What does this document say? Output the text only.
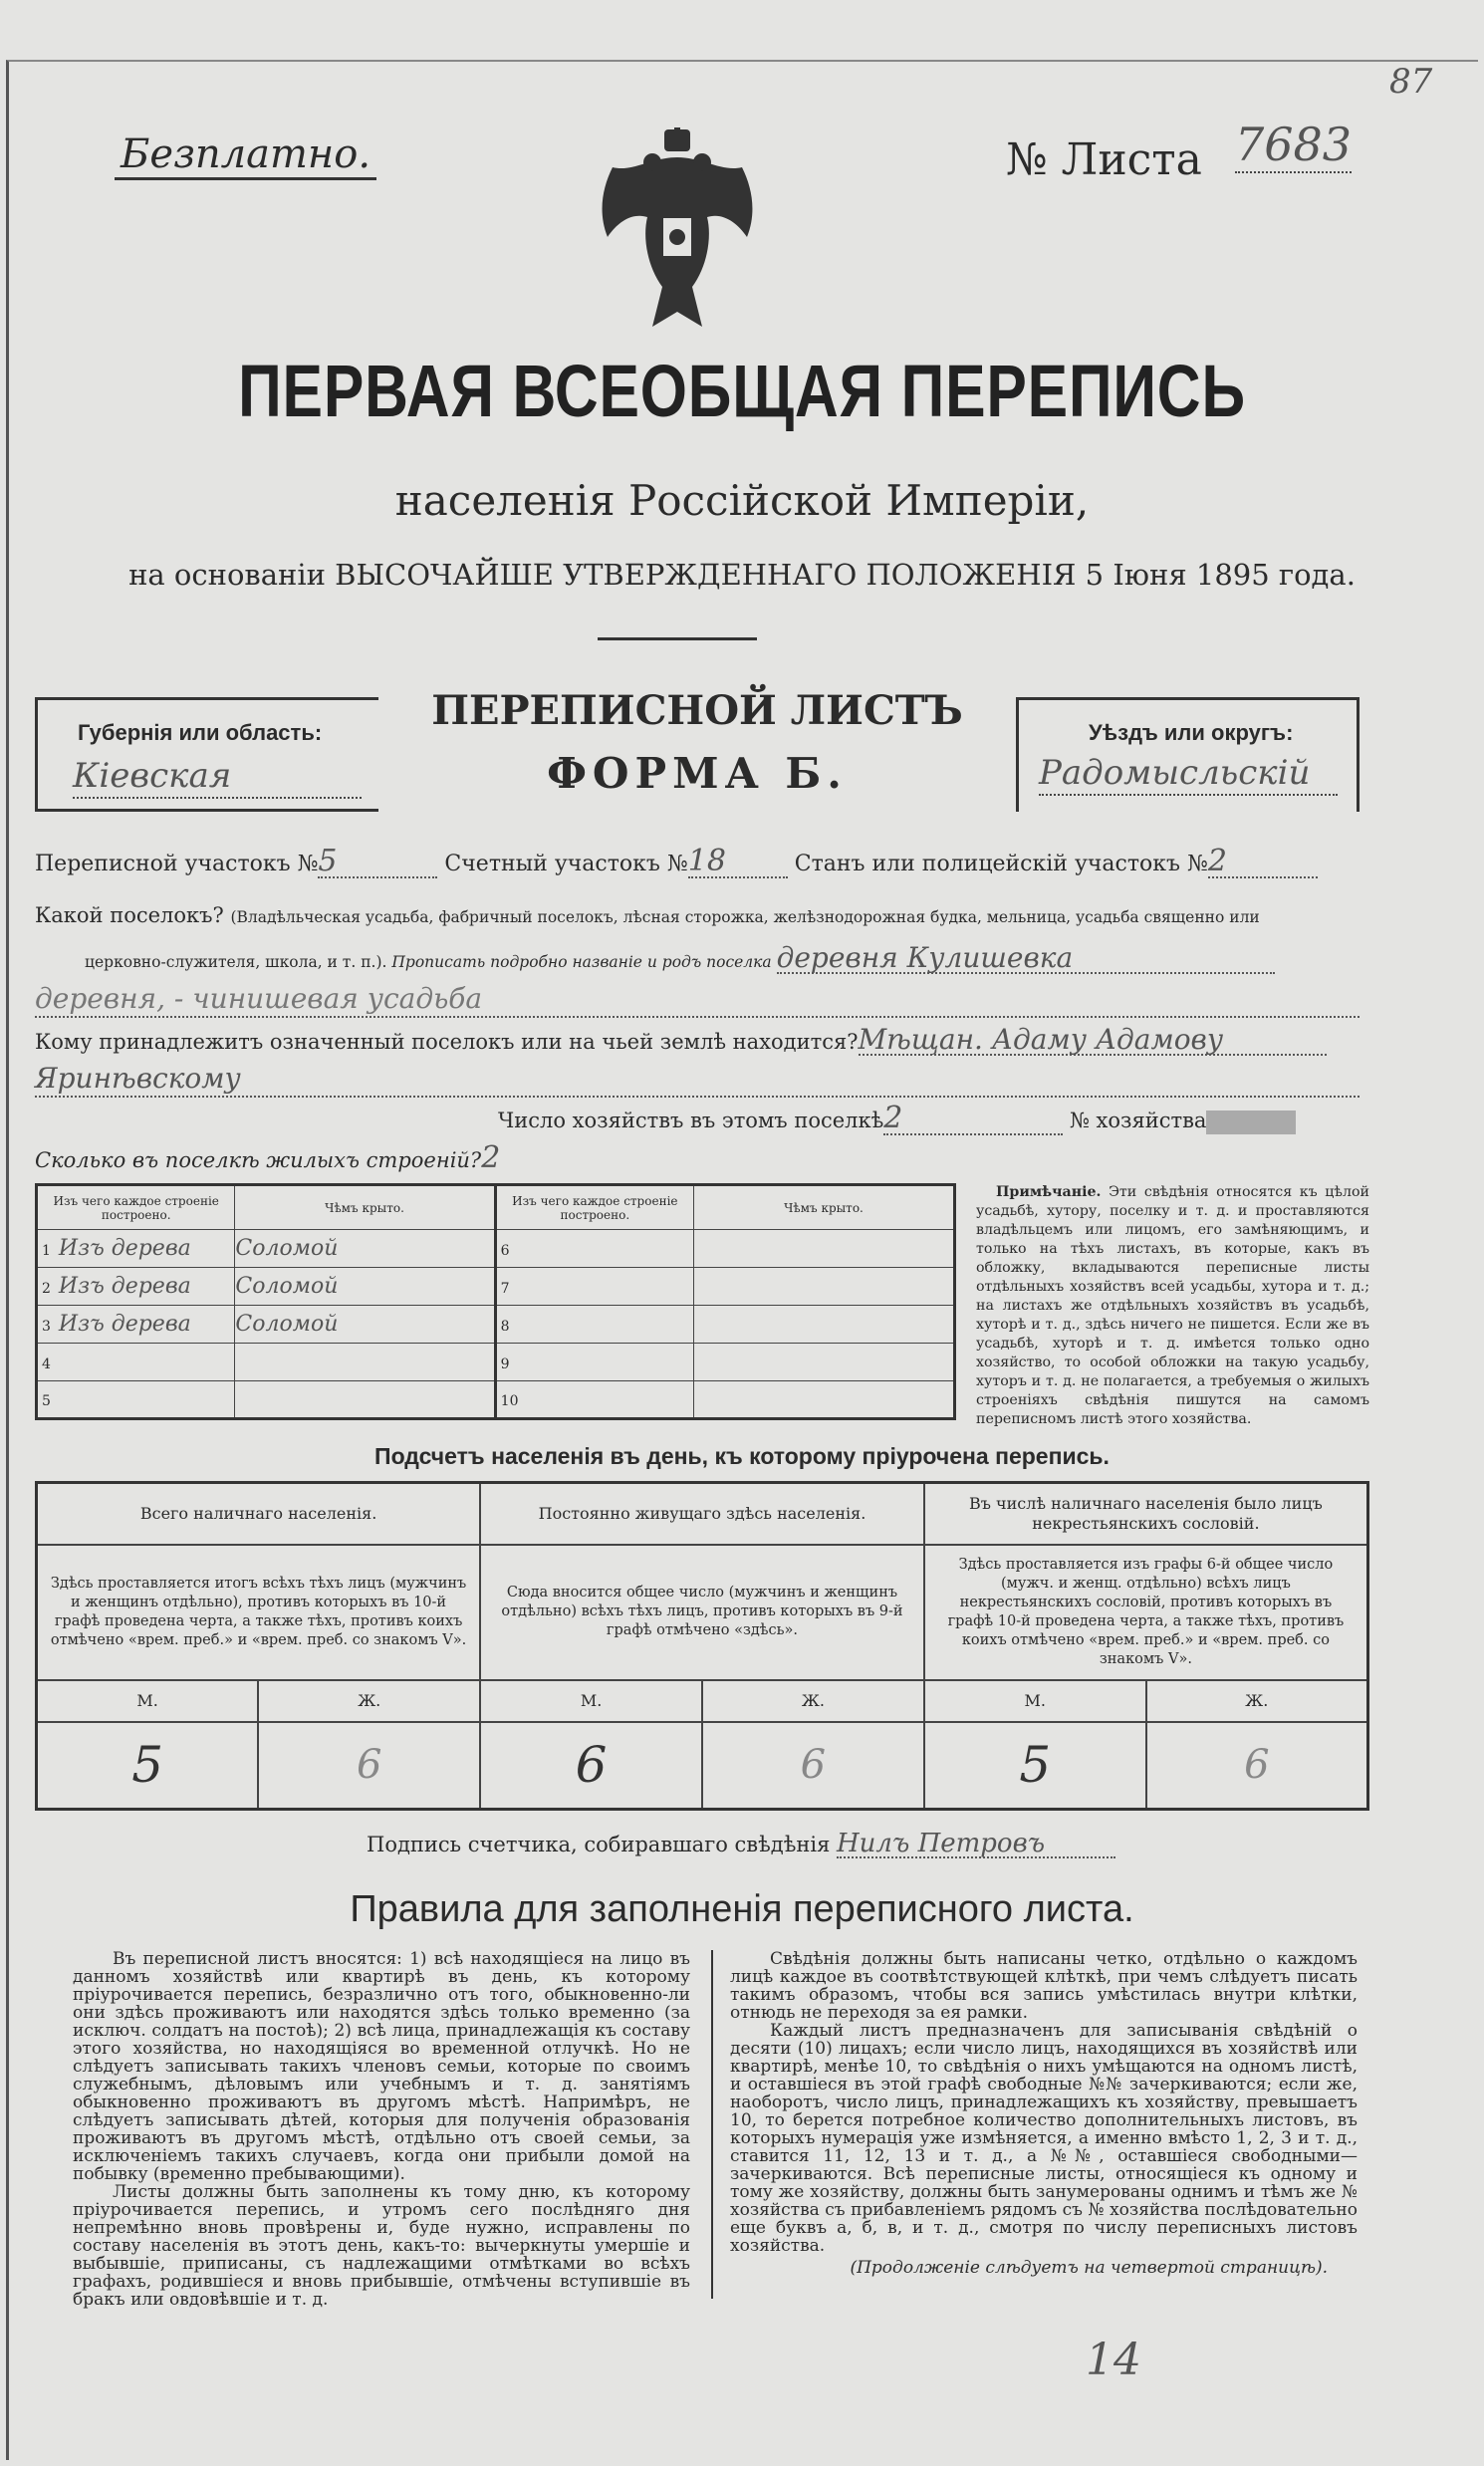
Безплатно.	№ Листа 7683
87
ПЕРВАЯ ВСЕОБЩАЯ ПЕРЕПИСЬ
населенія Россійской Имперіи,
на основаніи ВЫСОЧАЙШЕ УТВЕРЖДЕННАГО ПОЛОЖЕНІЯ 5 Іюня 1895 года.
Губернія или область:
Кіевская
ПЕРЕПИСНОЙ ЛИСТЪ
ФОРМА Б.
Уѣздъ или округъ:
Радомысльскій
Переписной участокъ №5	Счетный участокъ №18	Станъ или полицейскій участокъ №2
Какой поселокъ? (Владѣльческая усадьба, фабричный поселокъ, лѣсная сторожка, желѣзнодорожная будка, мельница, усадьба священно или
церковно-служителя, школа, и т. п.). Прописать подробно названіе и родъ поселка деревня Кулишевка
деревня, - чинишевая усадьба
Кому принадлежитъ означенный поселокъ или на чьей землѣ находится?Мѣщан. Адаму Адамову
Яринѣвскому
Число хозяйствъ въ этомъ поселкѣ2	№ хозяйства
Сколько въ поселкѣ жилыхъ строеній?2
Изъ чего каждое строеніе построено.	Чѣмъ крыто.	Изъ чего каждое строеніе построено.	Чѣмъ крыто.
1 Изъ дерева	Соломой	6	
2 Изъ дерева	Соломой	7	
3 Изъ дерева	Соломой	8	
4		9	
5		10	
Примѣчаніе. Эти свѣдѣнія относятся къ цѣлой усадьбѣ, хутору, поселку и т. д. и проставляются владѣльцемъ или лицомъ, его замѣняющимъ, и только на тѣхъ листахъ, въ которые, какъ въ обложку, вкладываются переписные листы отдѣльныхъ хозяйствъ всей усадьбы, хутора и т. д.; на листахъ же отдѣльныхъ хозяйствъ въ усадьбѣ, хуторѣ и т. д., здѣсь ничего не пишется. Если же въ усадьбѣ, хуторѣ и т. д. имѣется только одно хозяйство, то особой обложки на такую усадьбу, хуторъ и т. д. не полагается, а требуемыя о жилыхъ строеніяхъ свѣдѣнія пишутся на самомъ переписномъ листѣ этого хозяйства.
Подсчетъ населенія въ день, къ которому пріурочена перепись.
Всего наличнаго населенія.		Постоянно живущаго здѣсь населенія.		Въ числѣ наличнаго населенія было лицъ некрестьянскихъ сословій.	
Здѣсь проставляется итогъ всѣхъ тѣхъ лицъ (мужчинъ и женщинъ отдѣльно), противъ которыхъ въ 10-й графѣ проведена черта, а также тѣхъ, противъ коихъ отмѣчено «врем. преб.» и «врем. преб. со знакомъ V».		Сюда вносится общее число (мужчинъ и женщинъ отдѣльно) всѣхъ тѣхъ лицъ, противъ которыхъ въ 9-й графѣ отмѣчено «здѣсь».		Здѣсь проставляется изъ графы 6-й общее число (мужч. и женщ. отдѣльно) всѣхъ лицъ некрестьянскихъ сословій, противъ которыхъ въ графѣ 10-й проведена черта, а также тѣхъ, противъ коихъ отмѣчено «врем. преб.» и «врем. преб. со знакомъ V».	
М.	Ж.	М.	Ж.	М.	Ж.
5	6	6	6	5	6
Подпись счетчика, собиравшаго свѣдѣнія Нилъ Петровъ
Правила для заполненія переписного листа.

Въ переписной листъ вносятся: 1) всѣ находящіеся на лицо въ данномъ хозяйствѣ или квартирѣ въ день, къ которому пріурочивается перепись, безразлично отъ того, обыкновенно-ли они здѣсь проживаютъ или находятся здѣсь только временно (за исключ. солдатъ на постоѣ); 2) всѣ лица, принадлежащія къ составу этого хозяйства, но находящіяся во временной отлучкѣ. Но не слѣдуетъ записывать такихъ членовъ семьи, которые по своимъ служебнымъ, дѣловымъ или учебнымъ и т. д. занятіямъ обыкновенно проживаютъ въ другомъ мѣстѣ. Напримѣръ, не слѣдуетъ записывать дѣтей, которыя для полученія образованія проживаютъ въ другомъ мѣстѣ, отдѣльно отъ своей семьи, за исключеніемъ такихъ случаевъ, когда они прибыли домой на побывку (временно пребывающими).

Листы должны быть заполнены къ тому дню, къ которому пріурочивается перепись, и утромъ сего послѣдняго дня непремѣнно вновь провѣрены и, буде нужно, исправлены по составу населенія въ этотъ день, какъ-то: вычеркнуты умершіе и выбывшіе, приписаны, съ надлежащими отмѣтками во всѣхъ графахъ, родившіеся и вновь прибывшіе, отмѣчены вступившіе въ бракъ или овдовѣвшіе и т. д.

Свѣдѣнія должны быть написаны четко, отдѣльно о каждомъ лицѣ каждое въ соотвѣтствующей клѣткѣ, при чемъ слѣдуетъ писать такимъ образомъ, чтобы вся запись умѣстилась внутри клѣтки, отнюдь не переходя за ея рамки.

Каждый листъ предназначенъ для записыванія свѣдѣній о десяти (10) лицахъ; если число лицъ, находящихся въ хозяйствѣ или квартирѣ, менѣе 10, то свѣдѣнія о нихъ умѣщаются на одномъ листѣ, и оставшіеся въ этой графѣ свободные №№ зачеркиваются; если же, наоборотъ, число лицъ, принадлежащихъ къ хозяйству, превышаетъ 10, то берется потребное количество дополнительныхъ листовъ, въ которыхъ нумерація уже измѣняется, а именно вмѣсто 1, 2, 3 и т. д., ставится 11, 12, 13 и т. д., а №№, оставшіеся свободными—зачеркиваются. Всѣ переписные листы, относящіеся къ одному и тому же хозяйству, должны быть занумерованы однимъ и тѣмъ же № хозяйства съ прибавленіемъ рядомъ съ № хозяйства послѣдовательно еще буквъ а, б, в, и т. д., смотря по числу переписныхъ листовъ хозяйства.

(Продолженіе слѣдуетъ на четвертой страницѣ).

14
